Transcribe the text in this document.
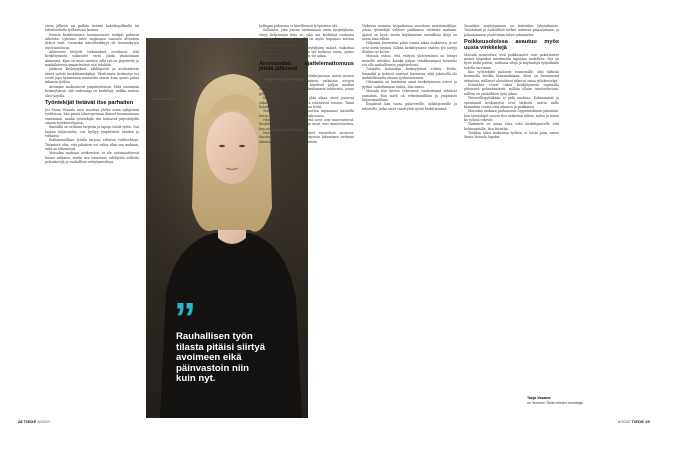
sivun jälkeen voi palkita itsensä kahvikupillisella tai lattiaherkulla työkaveriin kanssa.

Itsensä keskittämistä havainnoineet tutkijat puhuvat aiheesta. Lyhenne tulee englannin sanoista attention deficit trait. Suomeksi häiriöherkkyys eli huomiokyvyn rajoittuneisuus.

Aiheeseen liittyvät tutkimukset osoittavat, että keskittymisen vaikeudet eivät johdu yksinomaan ihmisestä. Kyse on myös tavasta, jolla työ on järjestetty ja minkälaisessa ympäristössä sitä tehdään.

Jatkuvat keskeytykset, sähköpostit ja avokonttorin äänet syövät keskittymiskykyä. Yksittäinen keskeytys voi viedä jopa kymmenen minuuttia ennen kuin ajatus palaa takaisin työhön.

Aivomme mukautuvat ympäristöönsä. Mitä enemmän keskeytyksiä, sitä vaikeampi on keskittyä, vaikka rauhaa olisi tarjolla.

Työntekijät tietävät itse parhaiten

Jos Mona Moisala saisi muuttaa yhden asian nykyisissä työtiloissa, hän panisi lokeroportaan ilmiset huomioimaan ennemmin, minkä työntekijät itse haluavat järjestelyiltä omaan työskentelyynsä.

Ihmisillä on erilaisia tarpeita ja tapoja tehdä työtä. Osa kaipaa hiljaisuutta, osa hyötyy ympäristön äänistä ja vilinästä.

Parhaimmillaan työtila tarjoaa erilaisia vaihtoehtoja. Tärkeintä olisi, että jokainen voi valita tilan sen mukaan, mitä on tekemässä.

Moisalan mukaan avokonttori ei ole automaattisesti huono ratkaisu, mutta sen toimivuus edellyttää selkeitä pelisääntöjä ja rauhallisia vetäytymistiloja.

”
Rauhallisen työn tilasta pitäisi siirtyä avoimeen eikä päinvastoin niin kuin nyt.

kollegan puhuessa ei kävelleensä työpisteen ohi.

Sellainen, joka joutuu vastaamaan usein kysymyksiin, väsyy helpommin kuin se, joka saa keskittyä rauhassa omaan tehtäväänsä. Monella on myös taipumus tarttua jokaiseen viestiin heti.

Tutkimusten mukaan keskeytyksien määrä vaikuttaa myös virheiden määrään. Kun työ katkeaa usein, ajatus hajoaa ja tehtävään palaaminen vie aikaa.

Aivovuodon ajattelemattomuus jättää jälkensä

Mona Moisala on tutkinut väitöskirjassaan, miten monen asian samanaikainen tekeminen vaikuttaa aivojen toimintaan. Nuoret, jotka käyttivät paljon mediaa samanaikaisesti, suoriutuivat heikommin tehtävistä, joissa piti sulkea häiriöt pois.

Kun teemme kahta asiaa yhtä aikaa, aivot joutuvat jatkuvasti siirtämään huomiota tehtävästä toiseen. Tämä kuluttaa voimavaroja ja hidastaa työtä.

Toistuvat häiriöt voivat muuttaa tapaamme käsitellä tietoa pitkällä aikavälillä, Moisala sanoo.

Hän kuitenkin muistuttaa, että aivot ovat muovautuvat. Keskittymistä voi harjoitella, ja tavat ovat muutettavissa, kun niihin kiinnittää huomiota.

Moisalan mukaan jo pienet muutokset auttavat: ilmoitusten sulkeminen, sähköpostin lukeminen tiettyinä aikoina ja selkeä päivän suunnittelu.

Nykyisin monissa työpaikoissa suositaan monitoimitiloja, joissa työntekijä valitsee paikkansa tehtävän mukaan. Ajatus on hyvä, mutta käytännössä rauhallisia tiloja on usein liian vähän.

Hiljaisiin huoneisiin pitää varata aikaa etukäteen, ja ne ovat usein täynnä. Silloin keskittymistä vaativa työ siirtyy iltoihin tai kotiin.

Moisala uskoo, että etätyön yleistyminen on tehnyt monelle selväksi, kuinka paljon tehokkaampaa työnteko voi olla rauhallisessa ympäristössä.

Toisaalta kotonakin keskeytyksiä riittää. Perhe, lemmikit ja kotityöt vaativat huomiota, eikä jokaisella ole mahdollisuutta omaan työhuoneeseen.

Olennaista on tunnistaa omat keskittymisen esteet ja pyrkiä vaikuttamaan niihin, hän sanoo.

Moisala itse kertoo tekevänsä vaativimmat tehtävät aamuisin, kun mieli on virkeimmillään ja ympäristö hiljaisimmillaan.

Iltapäivät hän varaa palavereille, sähköposteille ja tehtäville, jotka eivät vaadi yhtä syvää keskittymistä.

Viraalista syrjäytyminen on kuitenkin lyhytaikaista. Tauotukset ja rauhalliset hetket auttavat palautumaan, ja palautuminen puolestaan tukee jaksamista.

Poikkeusoloissa avautuu myös uusia vinkkelejä

Moisala muistuttaa, että poikkeusolot ovat pakottaneet monet työpaikat miettimään tapojaan uudelleen. Nyt on hyvä hetki pohtia, millaisia tiloja ja käytäntöjä työpaikalla todella tarvitaan.

Kun työntekijät palaavat toimistoille, olisi tärkeää kuunnella heidän kokemuksiaan. Moni on huomannut etätyössä, millaiset olosuhteet tukevat omaa työskentelyä.

Esimiehet voivat tukea keskittymistä sopimalla yhteisistä pelisäännöistä: milloin ollaan tavoitettavissa, milloin on rauhallisen työn aikaa.

Yhteisöllisyyttäkään ei pidä unohtaa. Kohtaamiset ja spontaanit keskustelut ovat tärkeitä, mutta niille kannattaa varata oma aikansa ja paikkansa.

Moisalan mukaan parhaaseen lopputulokseen päästään, kun työntekijät saavat itse vaikuttaa siihen, miten ja missä he työnsä tekevät.

Tärkeintä on antaa tilaa sekä keskittymiselle että kohtaamisille, hän tiivistää.

Työtilan tulisi mukautua työhön, ei toisin päin, sanoo Mona Moisala lopuksi.

Tanja Vasama
on Suomen Tiede-lehden toimittaja.
28 TIEDE 8/2020	8/2020 TIEDE 29
